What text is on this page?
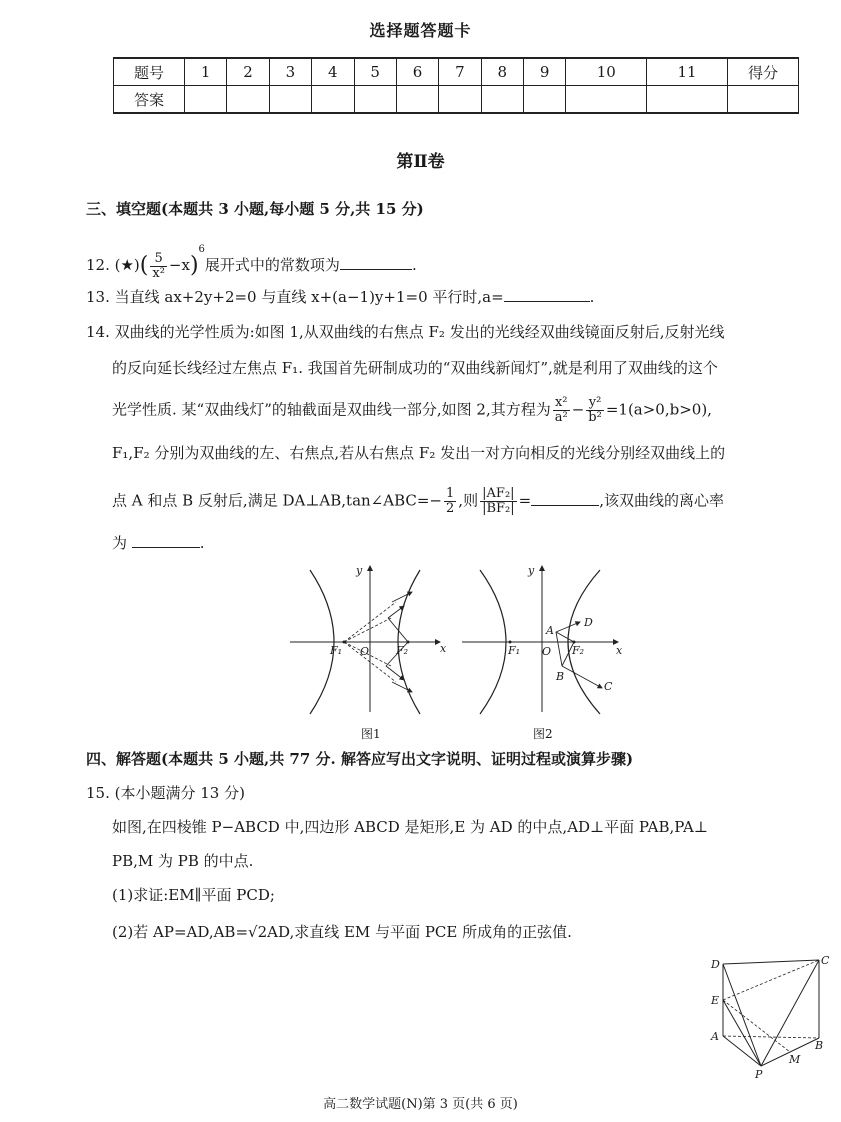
选择题答题卡
题号	1	2	3	4	5	6	7	8	9	10	11	得分
答案												
第Ⅱ卷
三、填空题(本题共 3 小题,每小题 5 分,共 15 分)
12. (★)( $\frac{5}{\text{x²}} -x)^6$展开式中的常数项为	.
13. 当直线 ax+2y+2=0 与直线 x+(a−1)y+1=0 平行时,a=	.
14. 双曲线的光学性质为:如图 1,从双曲线的右焦点 F₂ 发出的光线经双曲线镜面反射后,反射光线
的反向延长线经过左焦点 F₁. 我国首先研制成功的“双曲线新闻灯”,就是利用了双曲线的这个
光学性质. 某“双曲线灯”的轴截面是双曲线一部分,如图 2,其方程为 $\frac{\text{x²}}{\text{a²}} - \frac{\text{y²}}{\text{b²}} =1(a>0,b>0)$,
F₁,F₂ 分别为双曲线的左、右焦点,若从右焦点 F₂ 发出一对方向相反的光线分别经双曲线上的
点 A 和点 B 反射后,满足 DA⊥AB,tan∠ABC=− $\frac{1}{2}$ ,则 $\frac{\text{|AF₂|}}{\text{|BF₂|}}$ =	,该双曲线的离心率
为	.
F₁ O F₂	x
y
图1
F₁ O F₂
A
B
D
C
x
y
图2
四、解答题(本题共 5 小题,共 77 分. 解答应写出文字说明、证明过程或演算步骤)
15. (本小题满分 13 分)
如图,在四棱锥 P−ABCD 中,四边形 ABCD 是矩形,E 为 AD 的中点,AD⊥平面 PAB,PA⊥
PB,M 为 PB 的中点.
(1)求证:EM∥平面 PCD;
(2)若 AP=AD,AB=√2AD,求直线 EM 与平面 PCE 所成角的正弦值.
D	C
E
A
B
M
P
高二数学试题(N)第 3 页(共 6 页)
